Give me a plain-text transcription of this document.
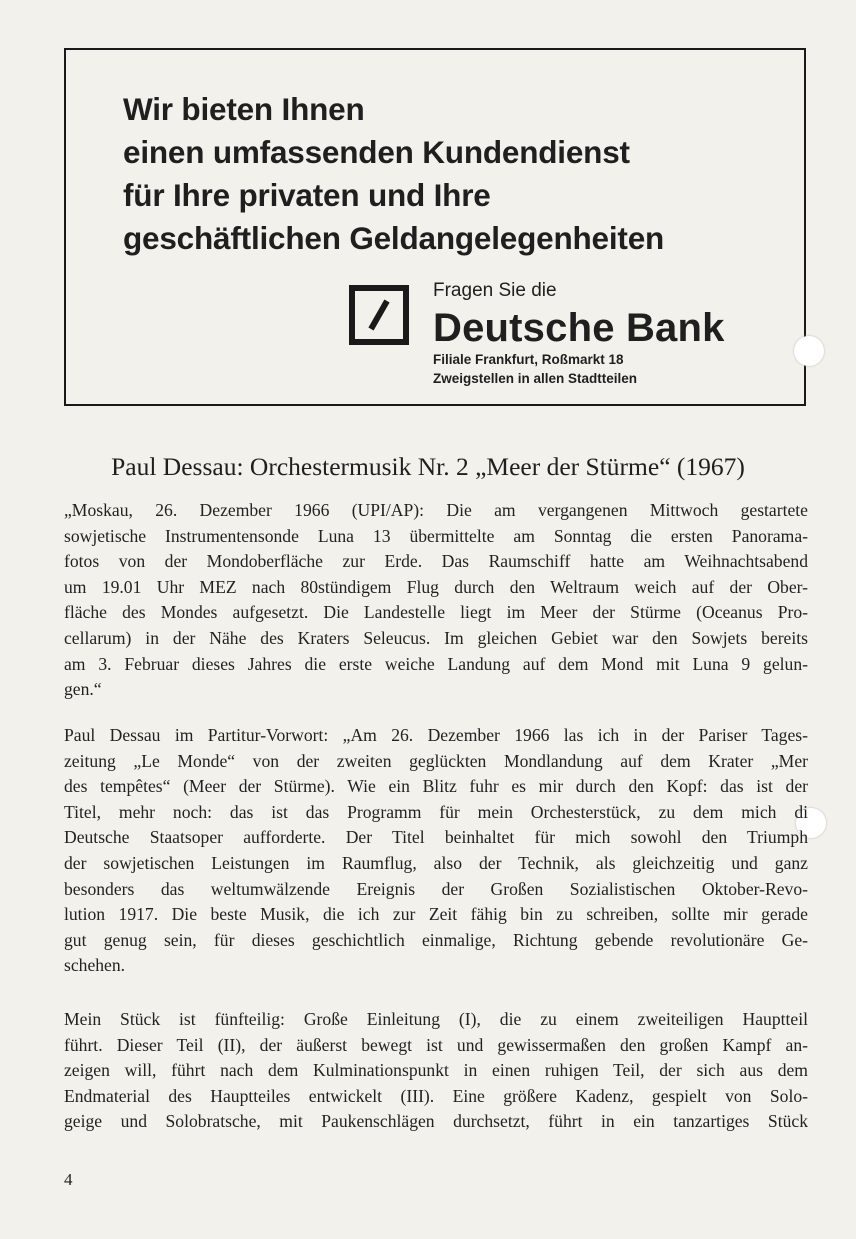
Wir bieten Ihnen
einen umfassenden Kundendienst
für Ihre privaten und Ihre
geschäftlichen Geldangelegenheiten
Fragen Sie die
Deutsche Bank
Filiale Frankfurt, Roßmarkt 18
Zweigstellen in allen Stadtteilen
Paul Dessau: Orchestermusik Nr. 2 „Meer der Stürme“ (1967)
„Moskau, 26. Dezember 1966 (UPI/AP): Die am vergangenen Mittwoch gestartete
sowjetische Instrumentensonde Luna 13 übermittelte am Sonntag die ersten Panorama-
fotos von der Mondoberfläche zur Erde. Das Raumschiff hatte am Weihnachtsabend
um 19.01 Uhr MEZ nach 80stündigem Flug durch den Weltraum weich auf der Ober-
fläche des Mondes aufgesetzt. Die Landestelle liegt im Meer der Stürme (Oceanus Pro-
cellarum) in der Nähe des Kraters Seleucus. Im gleichen Gebiet war den Sowjets bereits
am 3. Februar dieses Jahres die erste weiche Landung auf dem Mond mit Luna 9 gelun-
gen.“
Paul Dessau im Partitur-Vorwort: „Am 26. Dezember 1966 las ich in der Pariser Tages-
zeitung „Le Monde“ von der zweiten geglückten Mondlandung auf dem Krater „Mer
des tempêtes“ (Meer der Stürme). Wie ein Blitz fuhr es mir durch den Kopf: das ist der
Titel, mehr noch: das ist das Programm für mein Orchesterstück, zu dem mich di
Deutsche Staatsoper aufforderte. Der Titel beinhaltet für mich sowohl den Triumph
der sowjetischen Leistungen im Raumflug, also der Technik, als gleichzeitig und ganz
besonders das weltumwälzende Ereignis der Großen Sozialistischen Oktober-Revo-
lution 1917. Die beste Musik, die ich zur Zeit fähig bin zu schreiben, sollte mir gerade
gut genug sein, für dieses geschichtlich einmalige, Richtung gebende revolutionäre Ge-
schehen.
Mein Stück ist fünfteilig: Große Einleitung (I), die zu einem zweiteiligen Hauptteil
führt. Dieser Teil (II), der äußerst bewegt ist und gewissermaßen den großen Kampf an-
zeigen will, führt nach dem Kulminationspunkt in einen ruhigen Teil, der sich aus dem
Endmaterial des Hauptteiles entwickelt (III). Eine größere Kadenz, gespielt von Solo-
geige und Solobratsche, mit Paukenschlägen durchsetzt, führt in ein tanzartiges Stück
4
